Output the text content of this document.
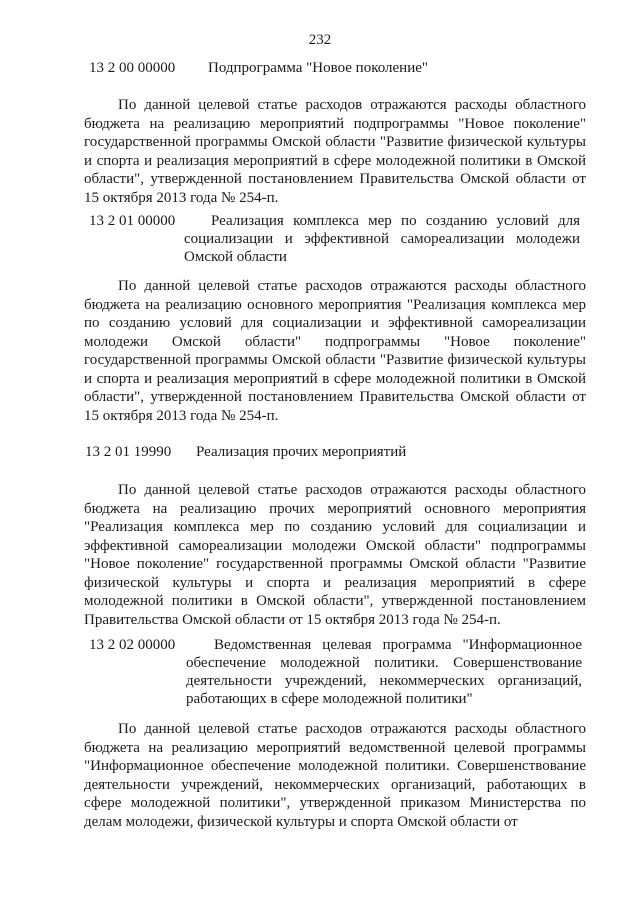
232
13 2 00 00000 Подпрограмма "Новое поколение"

По данной целевой статье расходов отражаются расходы областного бюджета на реализацию мероприятий подпрограммы "Новое поколение" государственной программы Омской области "Развитие физической культуры и спорта и реализация мероприятий в сфере молодежной политики в Омской области", утвержденной постановлением Правительства Омской области от 15 октября 2013 года № 254-п.

13 2 01 00000	Реализация комплекса мер по созданию условий для социализации и эффективной самореализации молодежи Омской области

По данной целевой статье расходов отражаются расходы областного бюджета на реализацию основного мероприятия "Реализация комплекса мер по созданию условий для социализации и эффективной самореализации молодежи Омской области" подпрограммы "Новое поколение" государственной программы Омской области "Развитие физической культуры и спорта и реализация мероприятий в сфере молодежной политики в Омской области", утвержденной постановлением Правительства Омской области от 15 октября 2013 года № 254-п.

13 2 01 19990 Реализация прочих мероприятий

По данной целевой статье расходов отражаются расходы областного бюджета на реализацию прочих мероприятий основного мероприятия "Реализация комплекса мер по созданию условий для социализации и эффективной самореализации молодежи Омской области" подпрограммы "Новое поколение" государственной программы Омской области "Развитие физической культуры и спорта и реализация мероприятий в сфере молодежной политики в Омской области", утвержденной постановлением Правительства Омской области от 15 октября 2013 года № 254-п.

13 2 02 00000	Ведомственная целевая программа "Информационное обеспечение молодежной политики. Совершенствование деятельности учреждений, некоммерческих организаций, работающих в сфере молодежной политики"

По данной целевой статье расходов отражаются расходы областного бюджета на реализацию мероприятий ведомственной целевой программы "Информационное обеспечение молодежной политики. Совершенствование деятельности учреждений, некоммерческих организаций, работающих в сфере молодежной политики", утвержденной приказом Министерства по делам молодежи, физической культуры и спорта Омской области от
